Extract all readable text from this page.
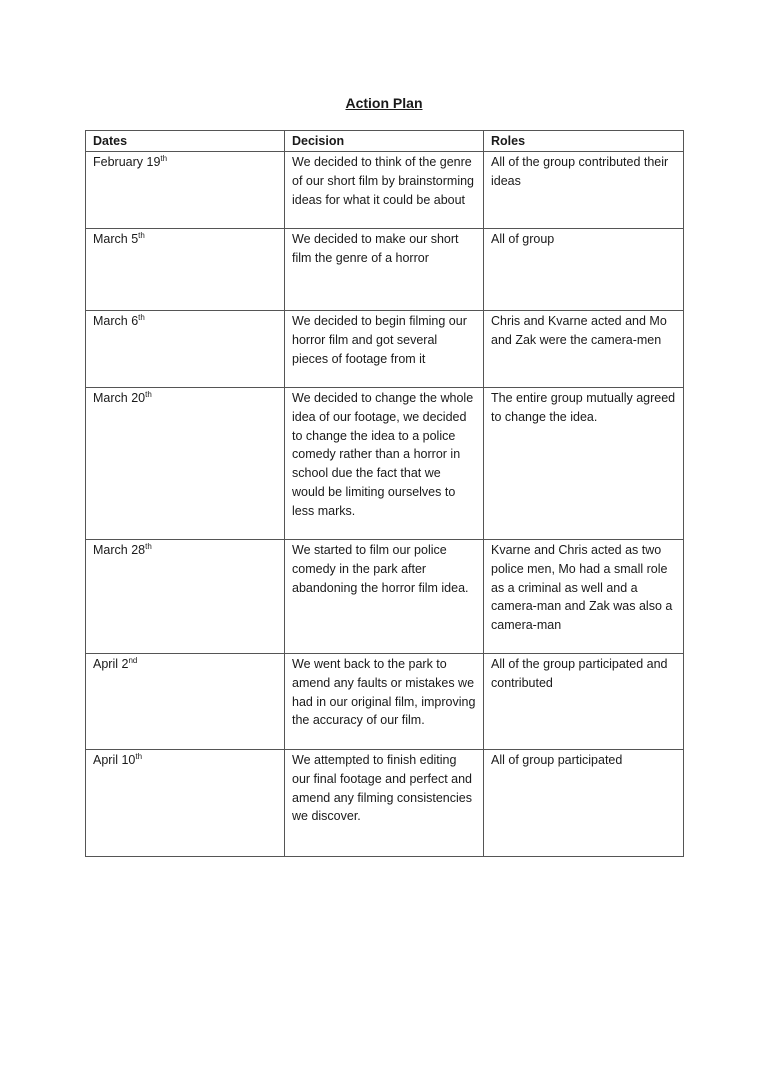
Action Plan
Dates	Decision	Roles
February 19th	We decided to think of the genre of our short film by brainstorming ideas for what it could be about	All of the group contributed their ideas
March 5th	We decided to make our short film the genre of a horror	All of group
March 6th	We decided to begin filming our horror film and got several pieces of footage from it	Chris and Kvarne acted and Mo and Zak were the camera-men
March 20th	We decided to change the whole idea of our footage, we decided to change the idea to a police comedy rather than a horror in school due the fact that we would be limiting ourselves to less marks.	The entire group mutually agreed to change the idea.
March 28th	We started to film our police comedy in the park after abandoning the horror film idea.	Kvarne and Chris acted as two police men, Mo had a small role as a criminal as well and a camera-man and Zak was also a camera-man
April 2nd	We went back to the park to amend any faults or mistakes we had in our original film, improving the accuracy of our film.	All of the group participated and contributed
April 10th	We attempted to finish editing our final footage and perfect and amend any filming consistencies we discover.	All of group participated
